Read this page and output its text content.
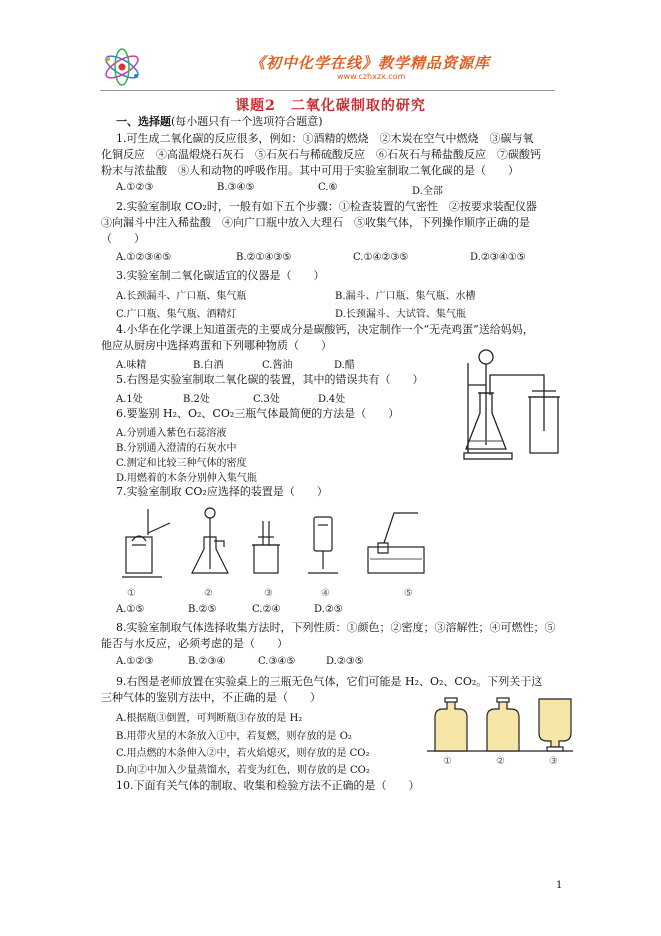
《初中化学在线》教学精品资源库
www.czhxzx.com
课题2　二氧化碳制取的研究
一、选择题(每小题只有一个选项符合题意)
1.可生成二氧化碳的反应很多，例如：①酒精的燃烧　②木炭在空气中燃烧　③碳与氧
化铜反应　④高温煅烧石灰石　⑤石灰石与稀硫酸反应　⑥石灰石与稀盐酸反应　⑦碳酸钙
粉末与浓盐酸　⑧人和动物的呼吸作用。其中可用于实验室制取二氧化碳的是（　　）
A.①②③	B.③④⑤	C.⑥	D.全部
2.实验室制取 CO₂时，一般有如下五个步骤：①检查装置的气密性　②按要求装配仪器
③向漏斗中注入稀盐酸　④向广口瓶中放入大理石　⑤收集气体，下列操作顺序正确的是
（　　）
A.①②③④⑤	B.②①④③⑤	C.①④②③⑤	D.②③④①⑤
3.实验室制二氧化碳适宜的仪器是（　　）
A.长颈漏斗、广口瓶、集气瓶	B.漏斗、广口瓶、集气瓶、水槽
C.广口瓶、集气瓶、酒精灯	D.长颈漏斗、大试管、集气瓶
4.小华在化学课上知道蛋壳的主要成分是碳酸钙，决定制作一个“无壳鸡蛋”送给妈妈，
他应从厨房中选择鸡蛋和下列哪种物质（　　）
A.味精	B.白酒	C.酱油	D.醋
5.右图是实验室制取二氧化碳的装置，其中的错误共有（　　）
A.1处	B.2处	C.3处	D.4处
6.要鉴别 H₂、O₂、CO₂三瓶气体最简便的方法是（　　）
A.分别通入紫色石蕊溶液
B.分别通入澄清的石灰水中
C.测定和比较三种气体的密度
D.用燃着的木条分别伸入集气瓶
7.实验室制取 CO₂应选择的装置是（　　）
①	②	③	④	⑤
A.①⑤	B.②⑤	C.②④	D.②⑤
8.实验室制取气体选择收集方法时，下列性质：①颜色；②密度；③溶解性；④可燃性；⑤
能否与水反应，必须考虑的是（　　）
A.①②③	B.②③④	C.③④⑤	D.②③⑤
9.右图是老师放置在实验桌上的三瓶无色气体，它们可能是 H₂、O₂、CO₂。下列关于这
三种气体的鉴别方法中，不正确的是（　　）
A.根据瓶③倒置，可判断瓶③存放的是 H₂
B.用带火星的木条放入①中，若复燃，则存放的是 O₂
C.用点燃的木条伸入②中，若火焰熄灭，则存放的是 CO₂
D.向②中加入少量蒸馏水，若变为红色，则存放的是 CO₂
①	②	③
10.下面有关气体的制取、收集和检验方法不正确的是（　　）
1
